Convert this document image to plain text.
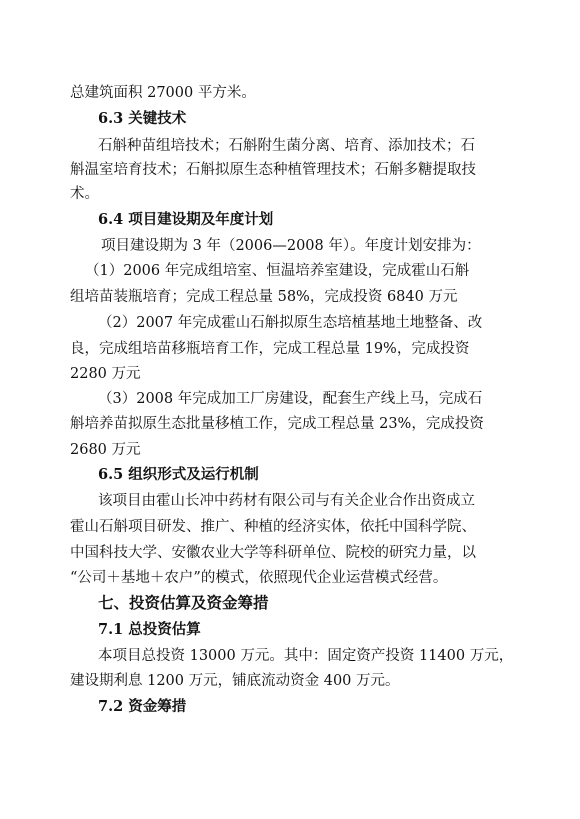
总建筑面积 27000 平方米。
6.3 关键技术
石斛种苗组培技术；石斛附生菌分离、培育、添加技术；石
斛温室培育技术；石斛拟原生态种植管理技术；石斛多糖提取技
术。
6.4 项目建设期及年度计划
项目建设期为 3 年（2006—2008 年）。年度计划安排为：
（1）2006 年完成组培室、恒温培养室建设，完成霍山石斛
组培苗装瓶培育；完成工程总量 58%，完成投资 6840 万元
（2）2007 年完成霍山石斛拟原生态培植基地土地整备、改
良，完成组培苗移瓶培育工作，完成工程总量 19%，完成投资
2280 万元
（3）2008 年完成加工厂房建设，配套生产线上马，完成石
斛培养苗拟原生态批量移植工作，完成工程总量 23%，完成投资
2680 万元
6.5 组织形式及运行机制
该项目由霍山长冲中药材有限公司与有关企业合作出资成立
霍山石斛项目研发、推广、种植的经济实体，依托中国科学院、
中国科技大学、安徽农业大学等科研单位、院校的研究力量，以
“公司＋基地＋农户”的模式，依照现代企业运营模式经营。
七、投资估算及资金筹措
7.1 总投资估算
本项目总投资 13000 万元。其中：固定资产投资 11400 万元，
建设期利息 1200 万元，铺底流动资金 400 万元。
7.2 资金筹措
